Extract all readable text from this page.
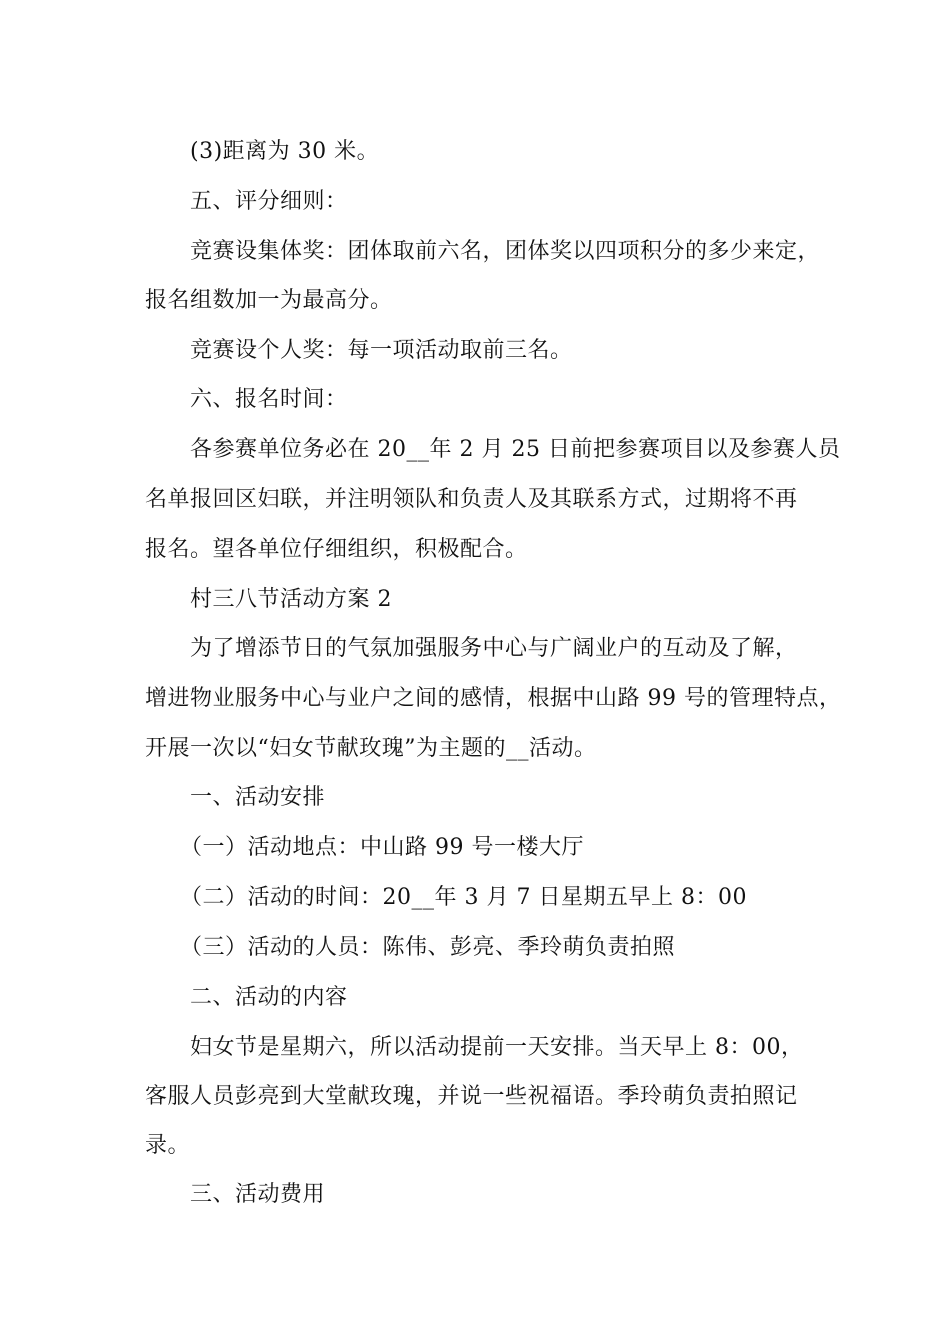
(3)距离为 30 米。
五、评分细则：
竞赛设集体奖：团体取前六名，团体奖以四项积分的多少来定，
报名组数加一为最高分。
竞赛设个人奖：每一项活动取前三名。
六、报名时间：
各参赛单位务必在 20__年 2 月 25 日前把参赛项目以及参赛人员
名单报回区妇联，并注明领队和负责人及其联系方式，过期将不再
报名。望各单位仔细组织，积极配合。
村三八节活动方案 2
为了增添节日的气氛加强服务中心与广阔业户的互动及了解，
增进物业服务中心与业户之间的感情，根据中山路 99 号的管理特点，
开展一次以“妇女节献玫瑰”为主题的__活动。
一、活动安排
（一）活动地点：中山路 99 号一楼大厅
（二）活动的时间：20__年 3 月 7 日星期五早上 8：00
（三）活动的人员：陈伟、彭亮、季玲萌负责拍照
二、活动的内容
妇女节是星期六，所以活动提前一天安排。当天早上 8：00，
客服人员彭亮到大堂献玫瑰，并说一些祝福语。季玲萌负责拍照记
录。
三、活动费用
